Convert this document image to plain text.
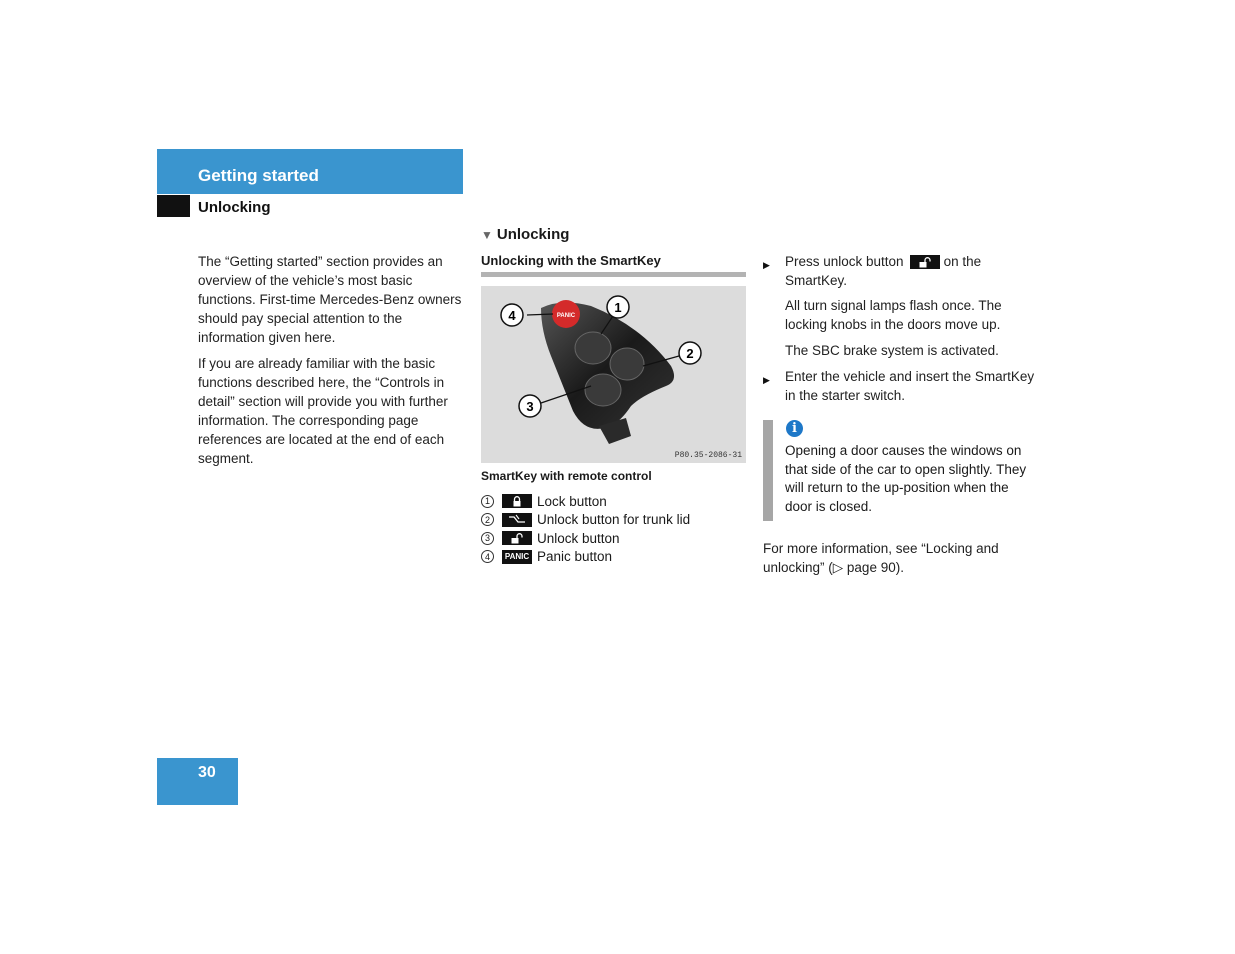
Getting started
Unlocking

The “Getting started” section provides an overview of the vehicle’s most basic functions. First-time Mercedes-Benz owners should pay special attention to the information given here.

If you are already familiar with the basic functions described here, the “Controls in detail” section will provide you with further information. The corresponding page references are located at the end of each segment.

▼ Unlocking
Unlocking with the SmartKey
PANIC
4
1
2
3
P80.35-2086-31
SmartKey with remote control
1	Lock button
2	Unlock button for trunk lid
3	Unlock button
4	PANIC Panic button
▶	Press unlock button	on the SmartKey.
All turn signal lamps flash once. The locking knobs in the doors move up.
The SBC brake system is activated.
▶	Enter the vehicle and insert the SmartKey in the starter switch.
i
Opening a door causes the windows on that side of the car to open slightly. They will return to the up-position when the door is closed.
For more information, see “Locking and unlocking” (▷ page 90).
30
